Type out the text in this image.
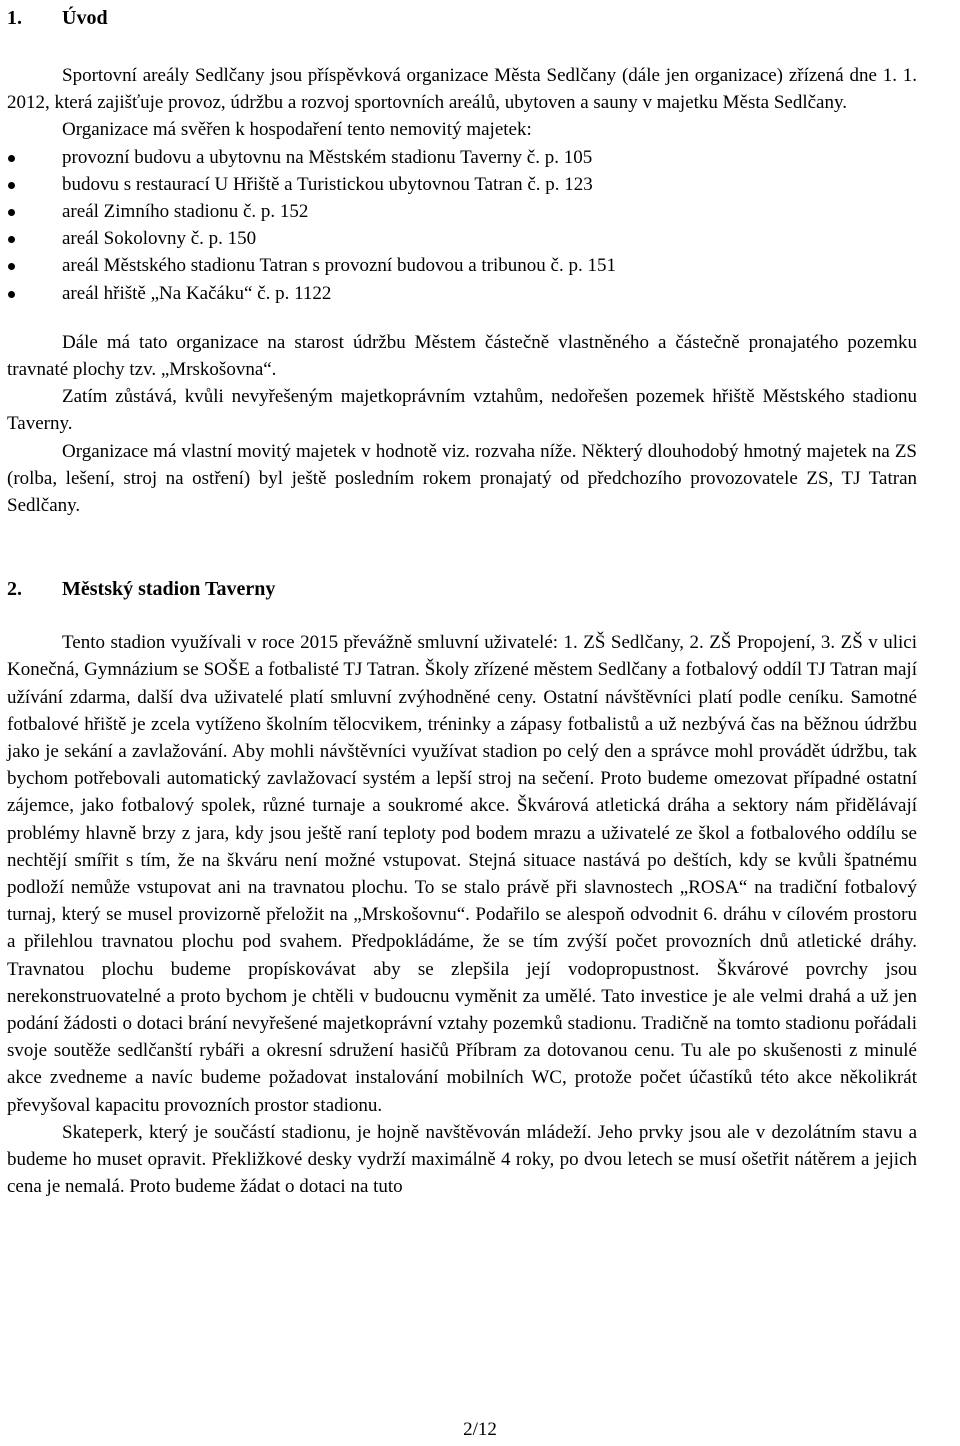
1. Úvod

Sportovní areály Sedlčany jsou příspěvková organizace Města Sedlčany (dále jen organizace) zřízená dne 1. 1. 2012, která zajišťuje provoz, údržbu a rozvoj sportovních areálů, ubytoven a sauny v majetku Města Sedlčany.

Organizace má svěřen k hospodaření tento nemovitý majetek:

provozní budovu a ubytovnu na Městském stadionu Taverny č. p. 105
budovu s restaurací U Hřiště a Turistickou ubytovnou Tatran č. p. 123
areál Zimního stadionu č. p. 152
areál Sokolovny č. p. 150
areál Městského stadionu Tatran s provozní budovou a tribunou č. p. 151
areál hřiště „Na Kačáku“ č. p. 1122

Dále má tato organizace na starost údržbu Městem částečně vlastněného a částečně pronajatého pozemku travnaté plochy tzv. „Mrskošovna“.

Zatím zůstává, kvůli nevyřešeným majetkoprávním vztahům, nedořešen pozemek hřiště Městského stadionu Taverny.

Organizace má vlastní movitý majetek v hodnotě viz. rozvaha níže. Některý dlouhodobý hmotný majetek na ZS (rolba, lešení, stroj na ostření) byl ještě posledním rokem pronajatý od předchozího provozovatele ZS, TJ Tatran Sedlčany.

2. Městský stadion Taverny

Tento stadion využívali v roce 2015 převážně smluvní uživatelé: 1. ZŠ Sedlčany, 2. ZŠ Propojení, 3. ZŠ v ulici Konečná, Gymnázium se SOŠE a fotbalisté TJ Tatran. Školy zřízené městem Sedlčany a fotbalový oddíl TJ Tatran mají užívání zdarma, další dva uživatelé platí smluvní zvýhodněné ceny. Ostatní návštěvníci platí podle ceníku. Samotné fotbalové hřiště je zcela vytíženo školním tělocvikem, tréninky a zápasy fotbalistů a už nezbývá čas na běžnou údržbu jako je sekání a zavlažování. Aby mohli návštěvníci využívat stadion po celý den a správce mohl provádět údržbu, tak bychom potřebovali automatický zavlažovací systém a lepší stroj na sečení. Proto budeme omezovat případné ostatní zájemce, jako fotbalový spolek, různé turnaje a soukromé akce. Škvárová atletická dráha a sektory nám přidělávají problémy hlavně brzy z jara, kdy jsou ještě raní teploty pod bodem mrazu a uživatelé ze škol a fotbalového oddílu se nechtějí smířit s tím, že na škváru není možné vstupovat. Stejná situace nastává po deštích, kdy se kvůli špatnému podloží nemůže vstupovat ani na travnatou plochu. To se stalo právě při slavnostech „ROSA“ na tradiční fotbalový turnaj, který se musel provizorně přeložit na „Mrskošovnu“. Podařilo se alespoň odvodnit 6. dráhu v cílovém prostoru a přilehlou travnatou plochu pod svahem. Předpokládáme, že se tím zvýší počet provozních dnů atletické dráhy. Travnatou plochu budeme propískovávat aby se zlepšila její vodopropustnost. Škvárové povrchy jsou nerekonstruovatelné a proto bychom je chtěli v budoucnu vyměnit za umělé. Tato investice je ale velmi drahá a už jen podání žádosti o dotaci brání nevyřešené majetkoprávní vztahy pozemků stadionu. Tradičně na tomto stadionu pořádali svoje soutěže sedlčanští rybáři a okresní sdružení hasičů Příbram za dotovanou cenu. Tu ale po skušenosti z minulé akce zvedneme a navíc budeme požadovat instalování mobilních WC, protože počet účastíků této akce několikrát převyšoval kapacitu provozních prostor stadionu.

Skateperk, který je součástí stadionu, je hojně navštěvován mládeží. Jeho prvky jsou ale v dezolátním stavu a budeme ho muset opravit. Překližkové desky vydrží maximálně 4 roky, po dvou letech se musí ošetřit nátěrem a jejich cena je nemalá. Proto budeme žádat o dotaci na tuto

2/12
